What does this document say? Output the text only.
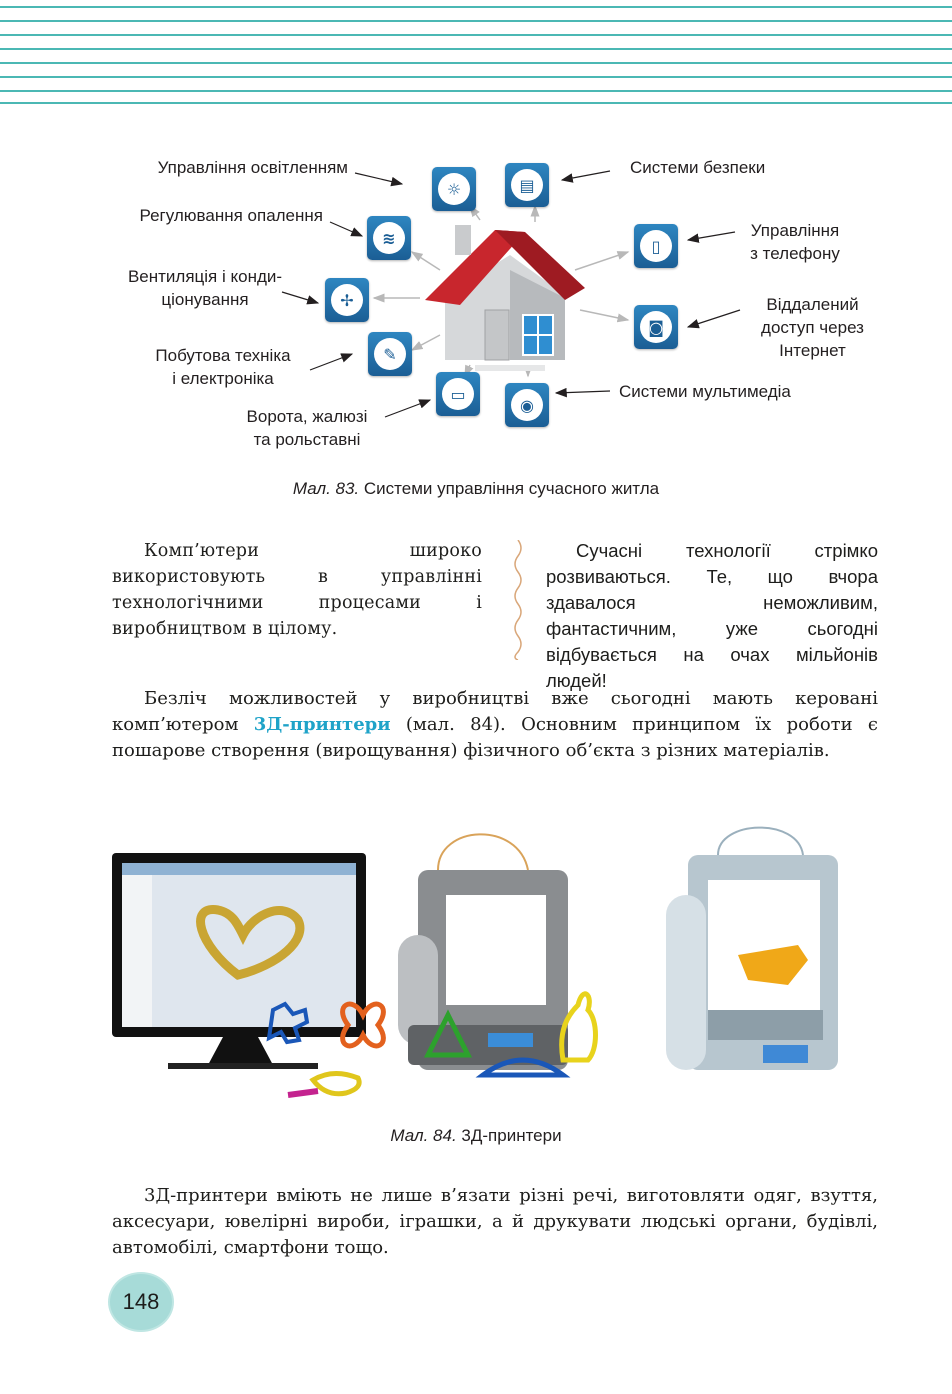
☼
≋
✢
✎
▭
▤
▯
◙
◉
Управління освітленням
Регулювання опалення
Вентиляція і конди-
ціонування
Побутова техніка
і електроніка
Ворота, жалюзі
та рольставні
Системи безпеки
Управління
з телефону
Віддалений
доступ через
Інтернет
Системи мультимедіа
Мал. 83. Системи управління сучасного житла
Комп’ютери широко використовують в управлінні технологічними процесами і виробництвом в цілому.
Сучасні технології стрімко розвиваються. Те, що вчора здавалося неможливим, фантастичним, уже сьогодні відбувається на очах мільйонів людей!
Безліч можливостей у виробництві вже сьогодні мають керовані комп’ютером 3Д-принтери (мал. 84). Основним принципом їх роботи є пошарове створення (вирощування) фізичного об’єкта з різних матеріалів.
Мал. 84. 3Д-принтери
3Д-принтери вміють не лише в’язати різні речі, виготовляти одяг, взуття, аксесуари, ювелірні вироби, іграшки, а й друкувати людські органи, будівлі, автомобілі, смартфони тощо.
148
